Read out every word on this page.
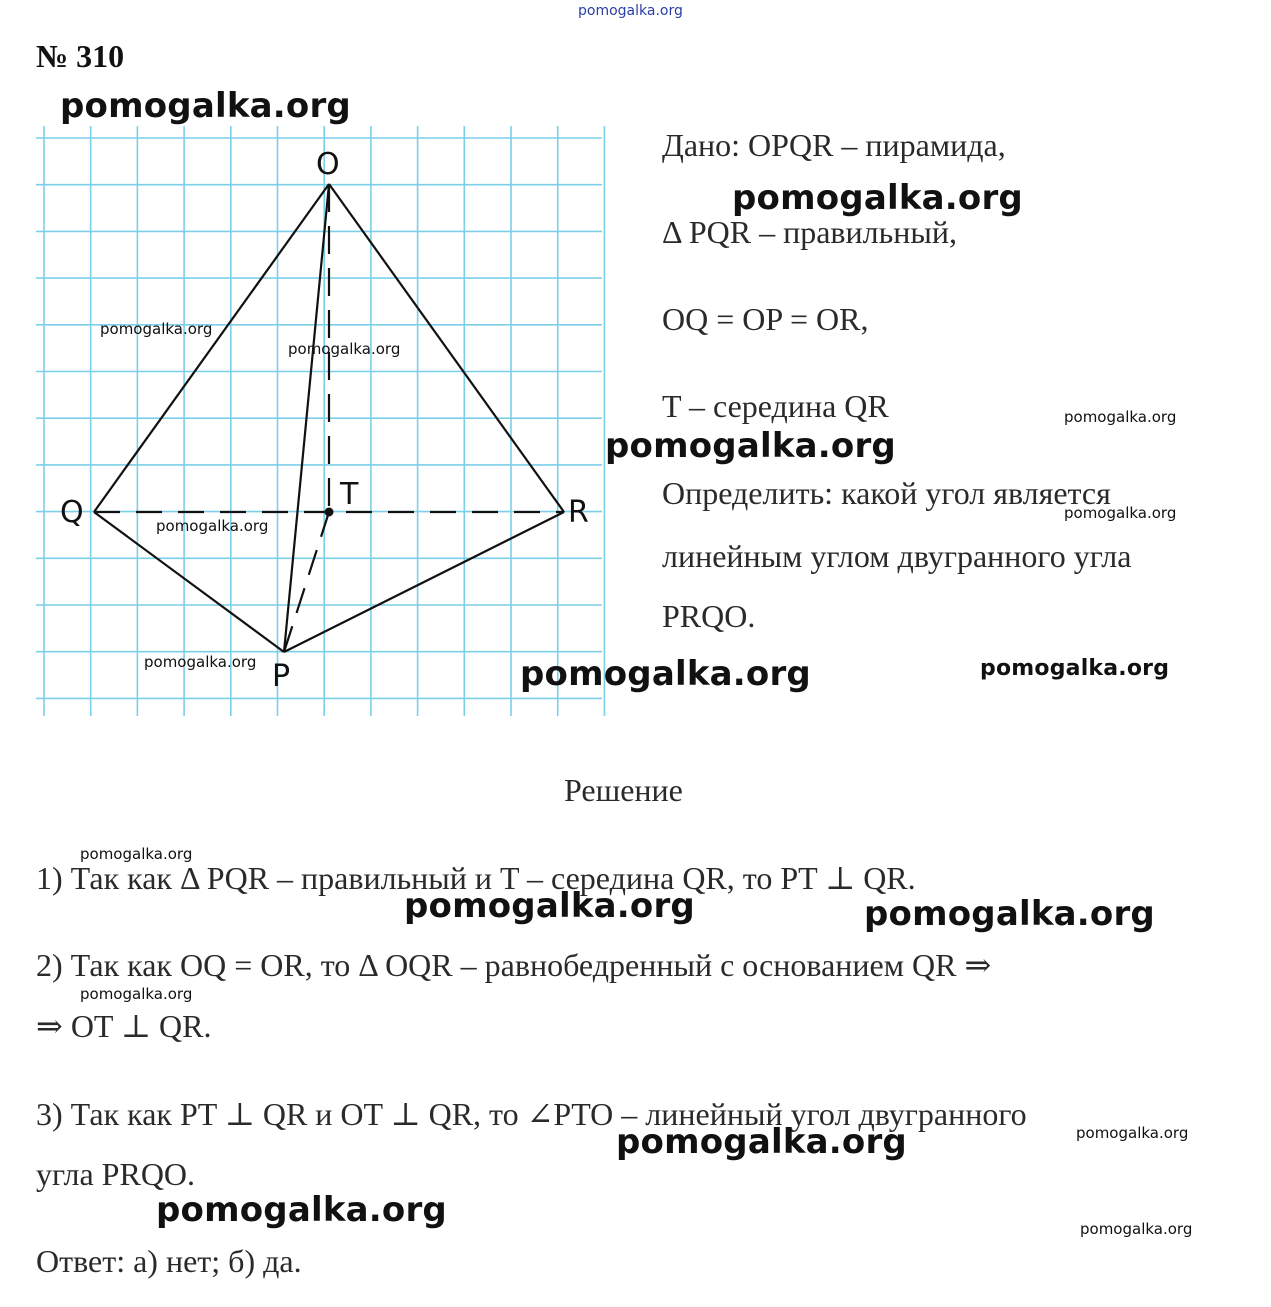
pomogalka.org
№ 310
O
Q	R
P
T
Дано: OPQR – пирамида,
Δ PQR – правильный,
OQ = OP = OR,
T – середина QR
Определить: какой угол является
линейным углом двугранного угла
PRQO.
Решение
1) Так как Δ PQR – правильный и T – середина QR, то PT ⊥ QR.
2) Так как OQ = OR, то Δ OQR – равнобедренный с основанием QR ⇒
⇒ OT ⊥ QR.
3) Так как PT ⊥ QR и OT ⊥ QR, то ∠PTO – линейный угол двугранного
угла PRQO.
Ответ: а) нет; б) да.
pomogalka.org
pomogalka.org
pomogalka.org
pomogalka.org
pomogalka.org	pomogalka.org
pomogalka.org
pomogalka.org
pomogalka.org
pomogalka.org
pomogalka.org
pomogalka.org
pomogalka.org
pomogalka.org
pomogalka.org
pomogalka.org
pomogalka.org
pomogalka.org
pomogalka.org
